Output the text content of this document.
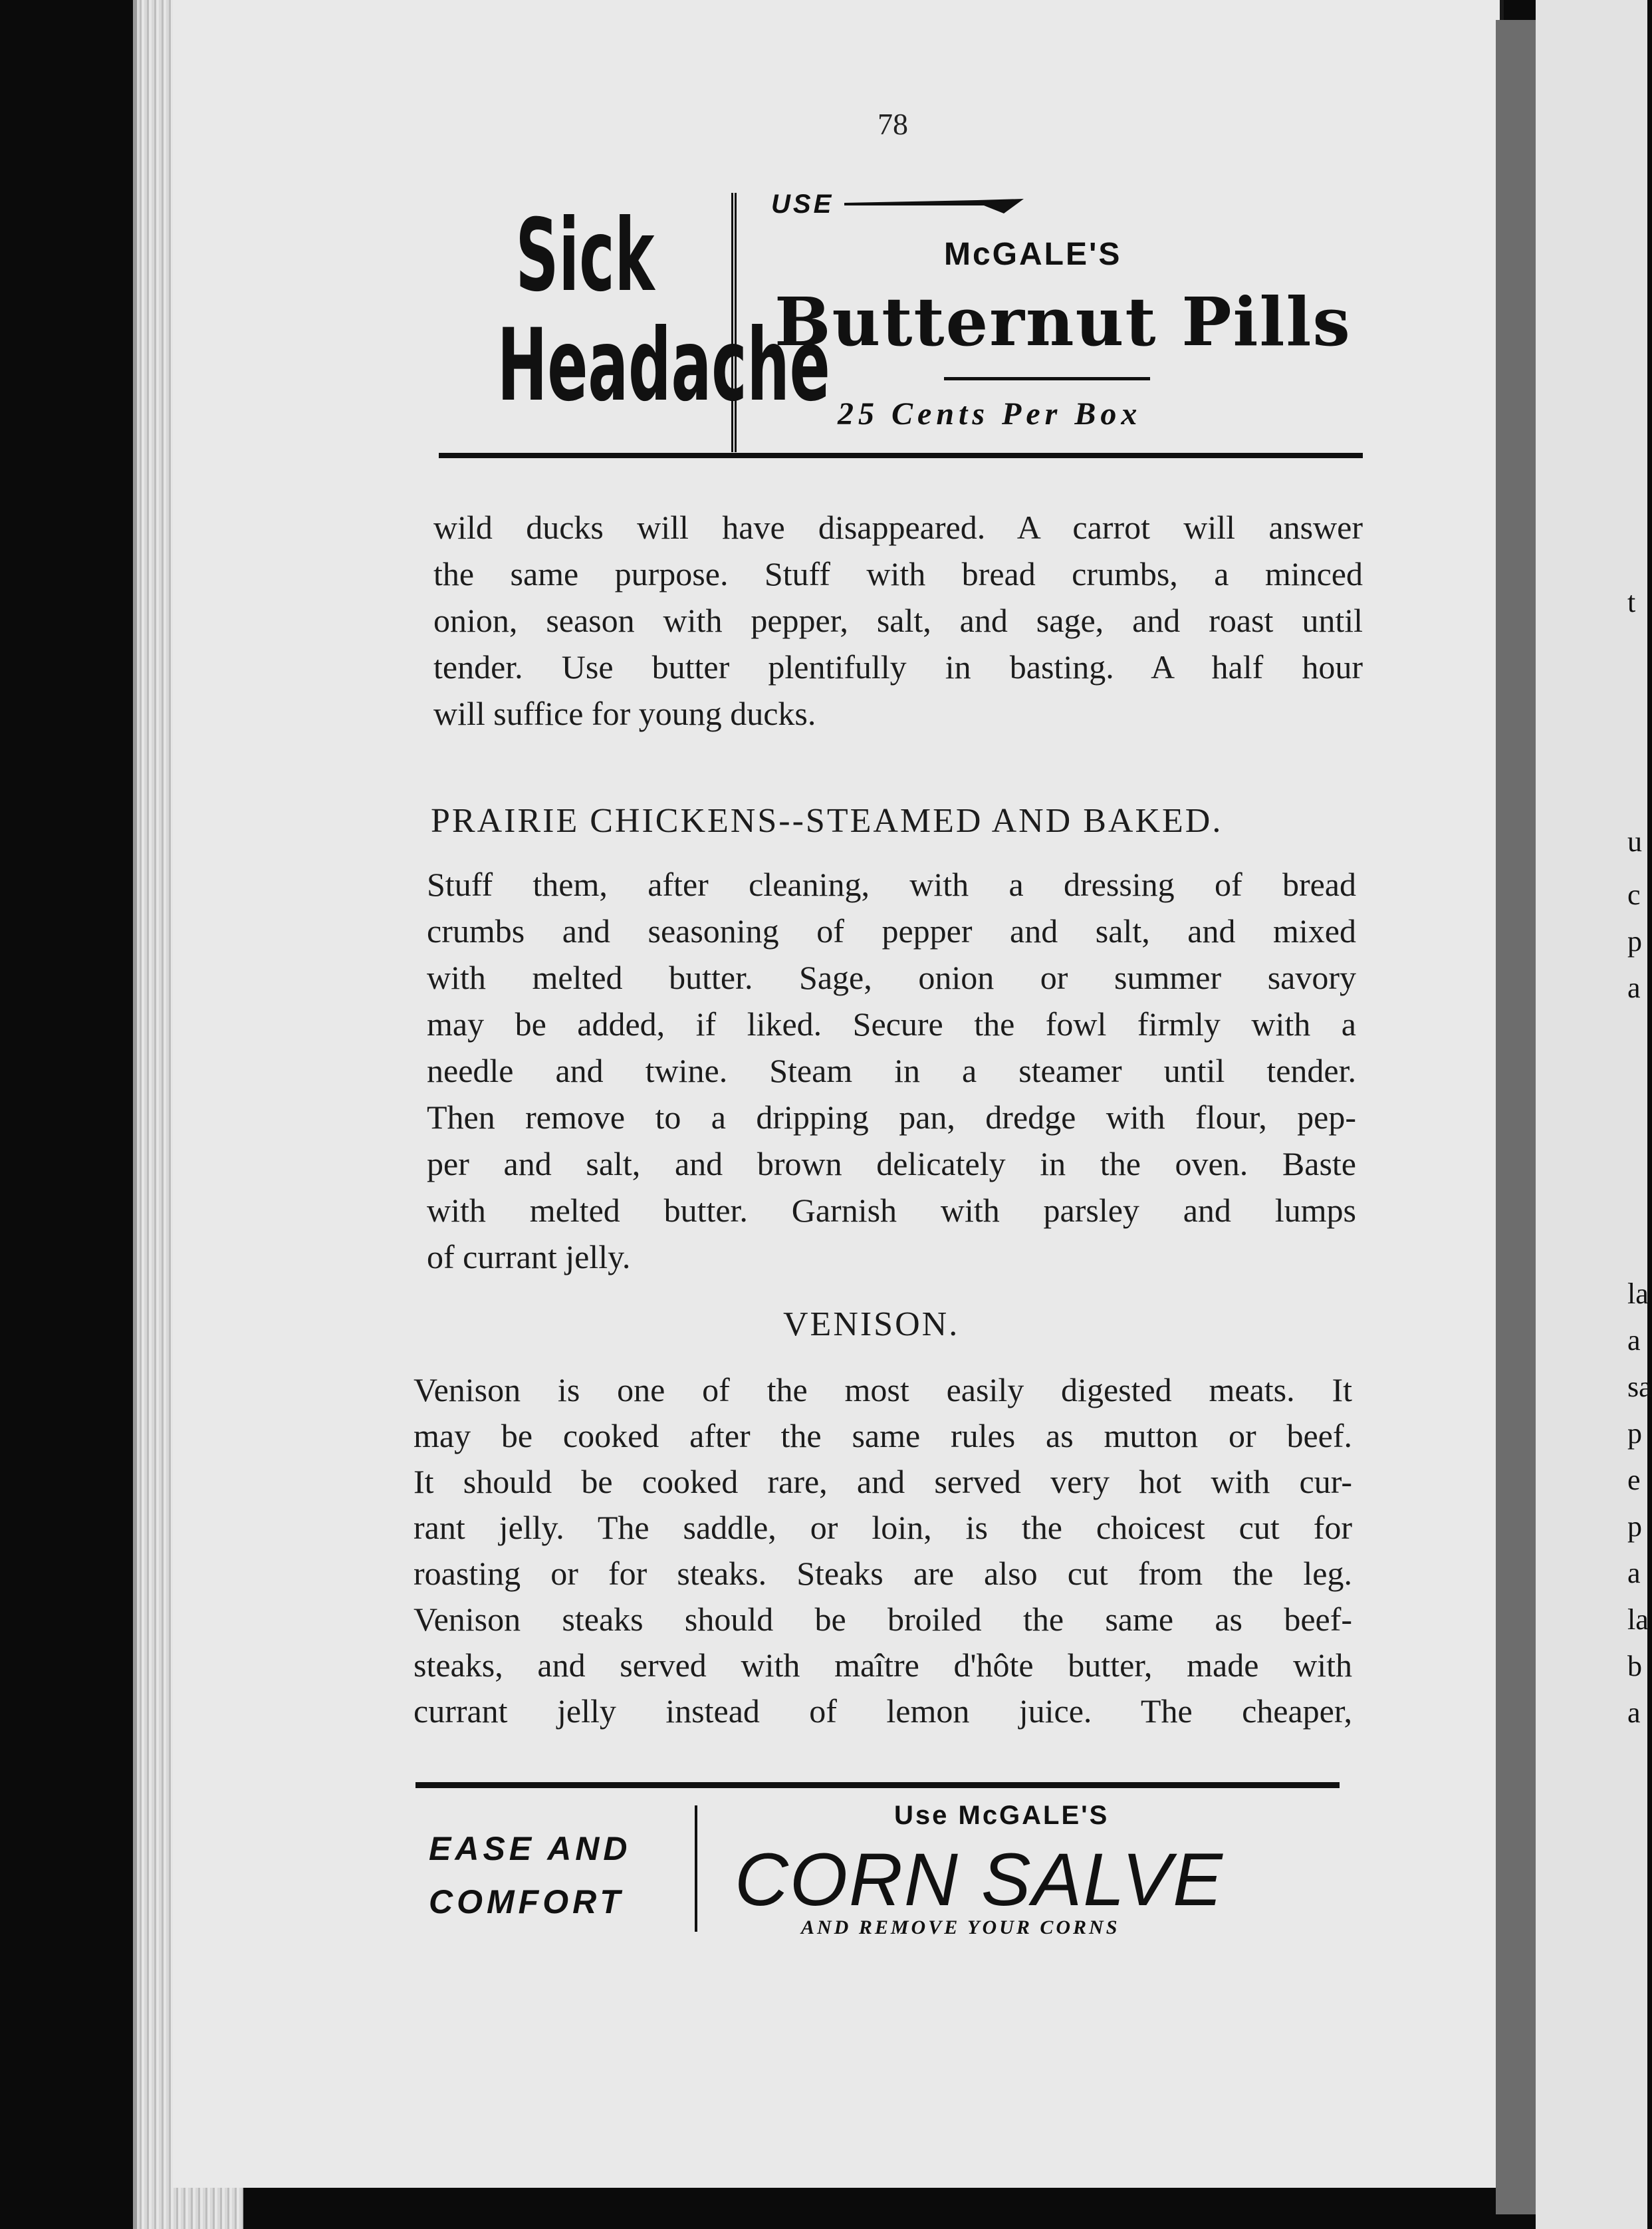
t
u
c
p
a
la
a
sa
p
e
p
a
la
b
a
78
Sick
Headache
USE
McGALE'S
Butternut Pills
25 Cents Per Box
wild ducks will have disappeared. A carrot will answer
the same purpose. Stuff with bread crumbs, a minced
onion, season with pepper, salt, and sage, and roast until
tender. Use butter plentifully in basting. A half hour
will suffice for young ducks.
PRAIRIE CHICKENS--STEAMED AND BAKED.
Stuff them, after cleaning, with a dressing of bread
crumbs and seasoning of pepper and salt, and mixed
with melted butter. Sage, onion or summer savory
may be added, if liked. Secure the fowl firmly with a
needle and twine. Steam in a steamer until tender.
Then remove to a dripping pan, dredge with flour, pep-
per and salt, and brown delicately in the oven. Baste
with melted butter. Garnish with parsley and lumps
of currant jelly.
VENISON.
Venison is one of the most easily digested meats. It
may be cooked after the same rules as mutton or beef.
It should be cooked rare, and served very hot with cur-
rant jelly. The saddle, or loin, is the choicest cut for
roasting or for steaks. Steaks are also cut from the leg.
Venison steaks should be broiled the same as beef-
steaks, and served with maître d'hôte butter, made with
currant jelly instead of lemon juice. The cheaper,
EASE AND
COMFORT
Use McGALE'S
CORN SALVE
AND REMOVE YOUR CORNS
